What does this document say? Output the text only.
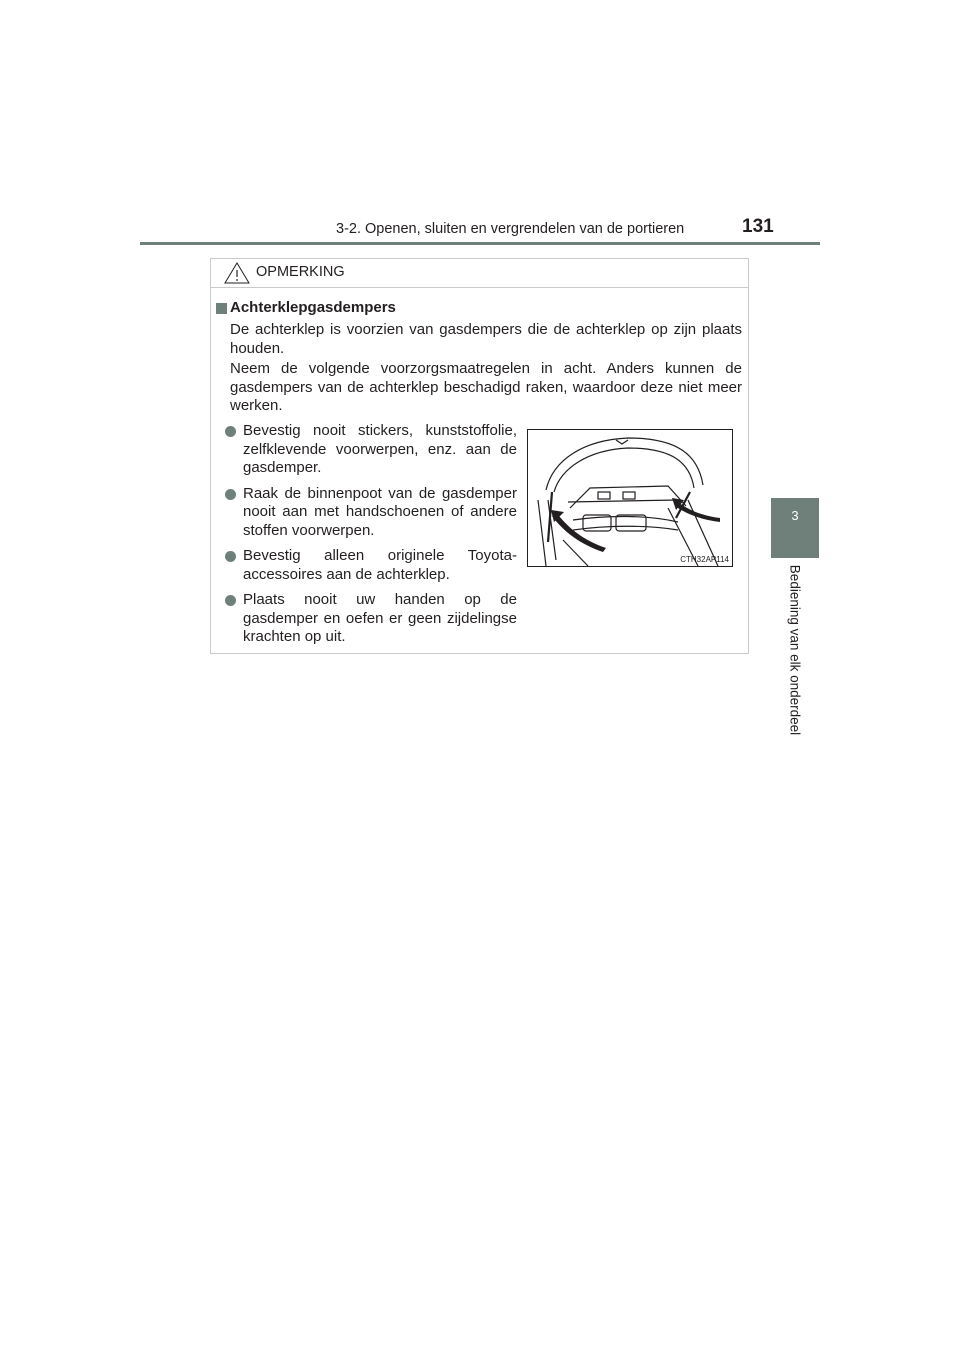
3-2. Openen, sluiten en vergrendelen van de portieren	131
3
Bediening van elk onderdeel
OPMERKING
Achterklepgasdempers
De achterklep is voorzien van gasdempers die de achterklep op zijn plaats houden.
Neem de volgende voorzorgsmaatregelen in acht. Anders kunnen de gasdempers van de achterklep beschadigd raken, waardoor deze niet meer werken.
Bevestig nooit stickers, kunststoffolie, zelfklevende voorwerpen, enz. aan de gasdemper.
Raak de binnenpoot van de gasdemper nooit aan met handschoenen of andere stoffen voorwerpen.
Bevestig alleen originele Toyota-accessoires aan de achterklep.
Plaats nooit uw handen op de gasdemper en oefen er geen zijdelingse krachten op uit.
CTH32AP114
